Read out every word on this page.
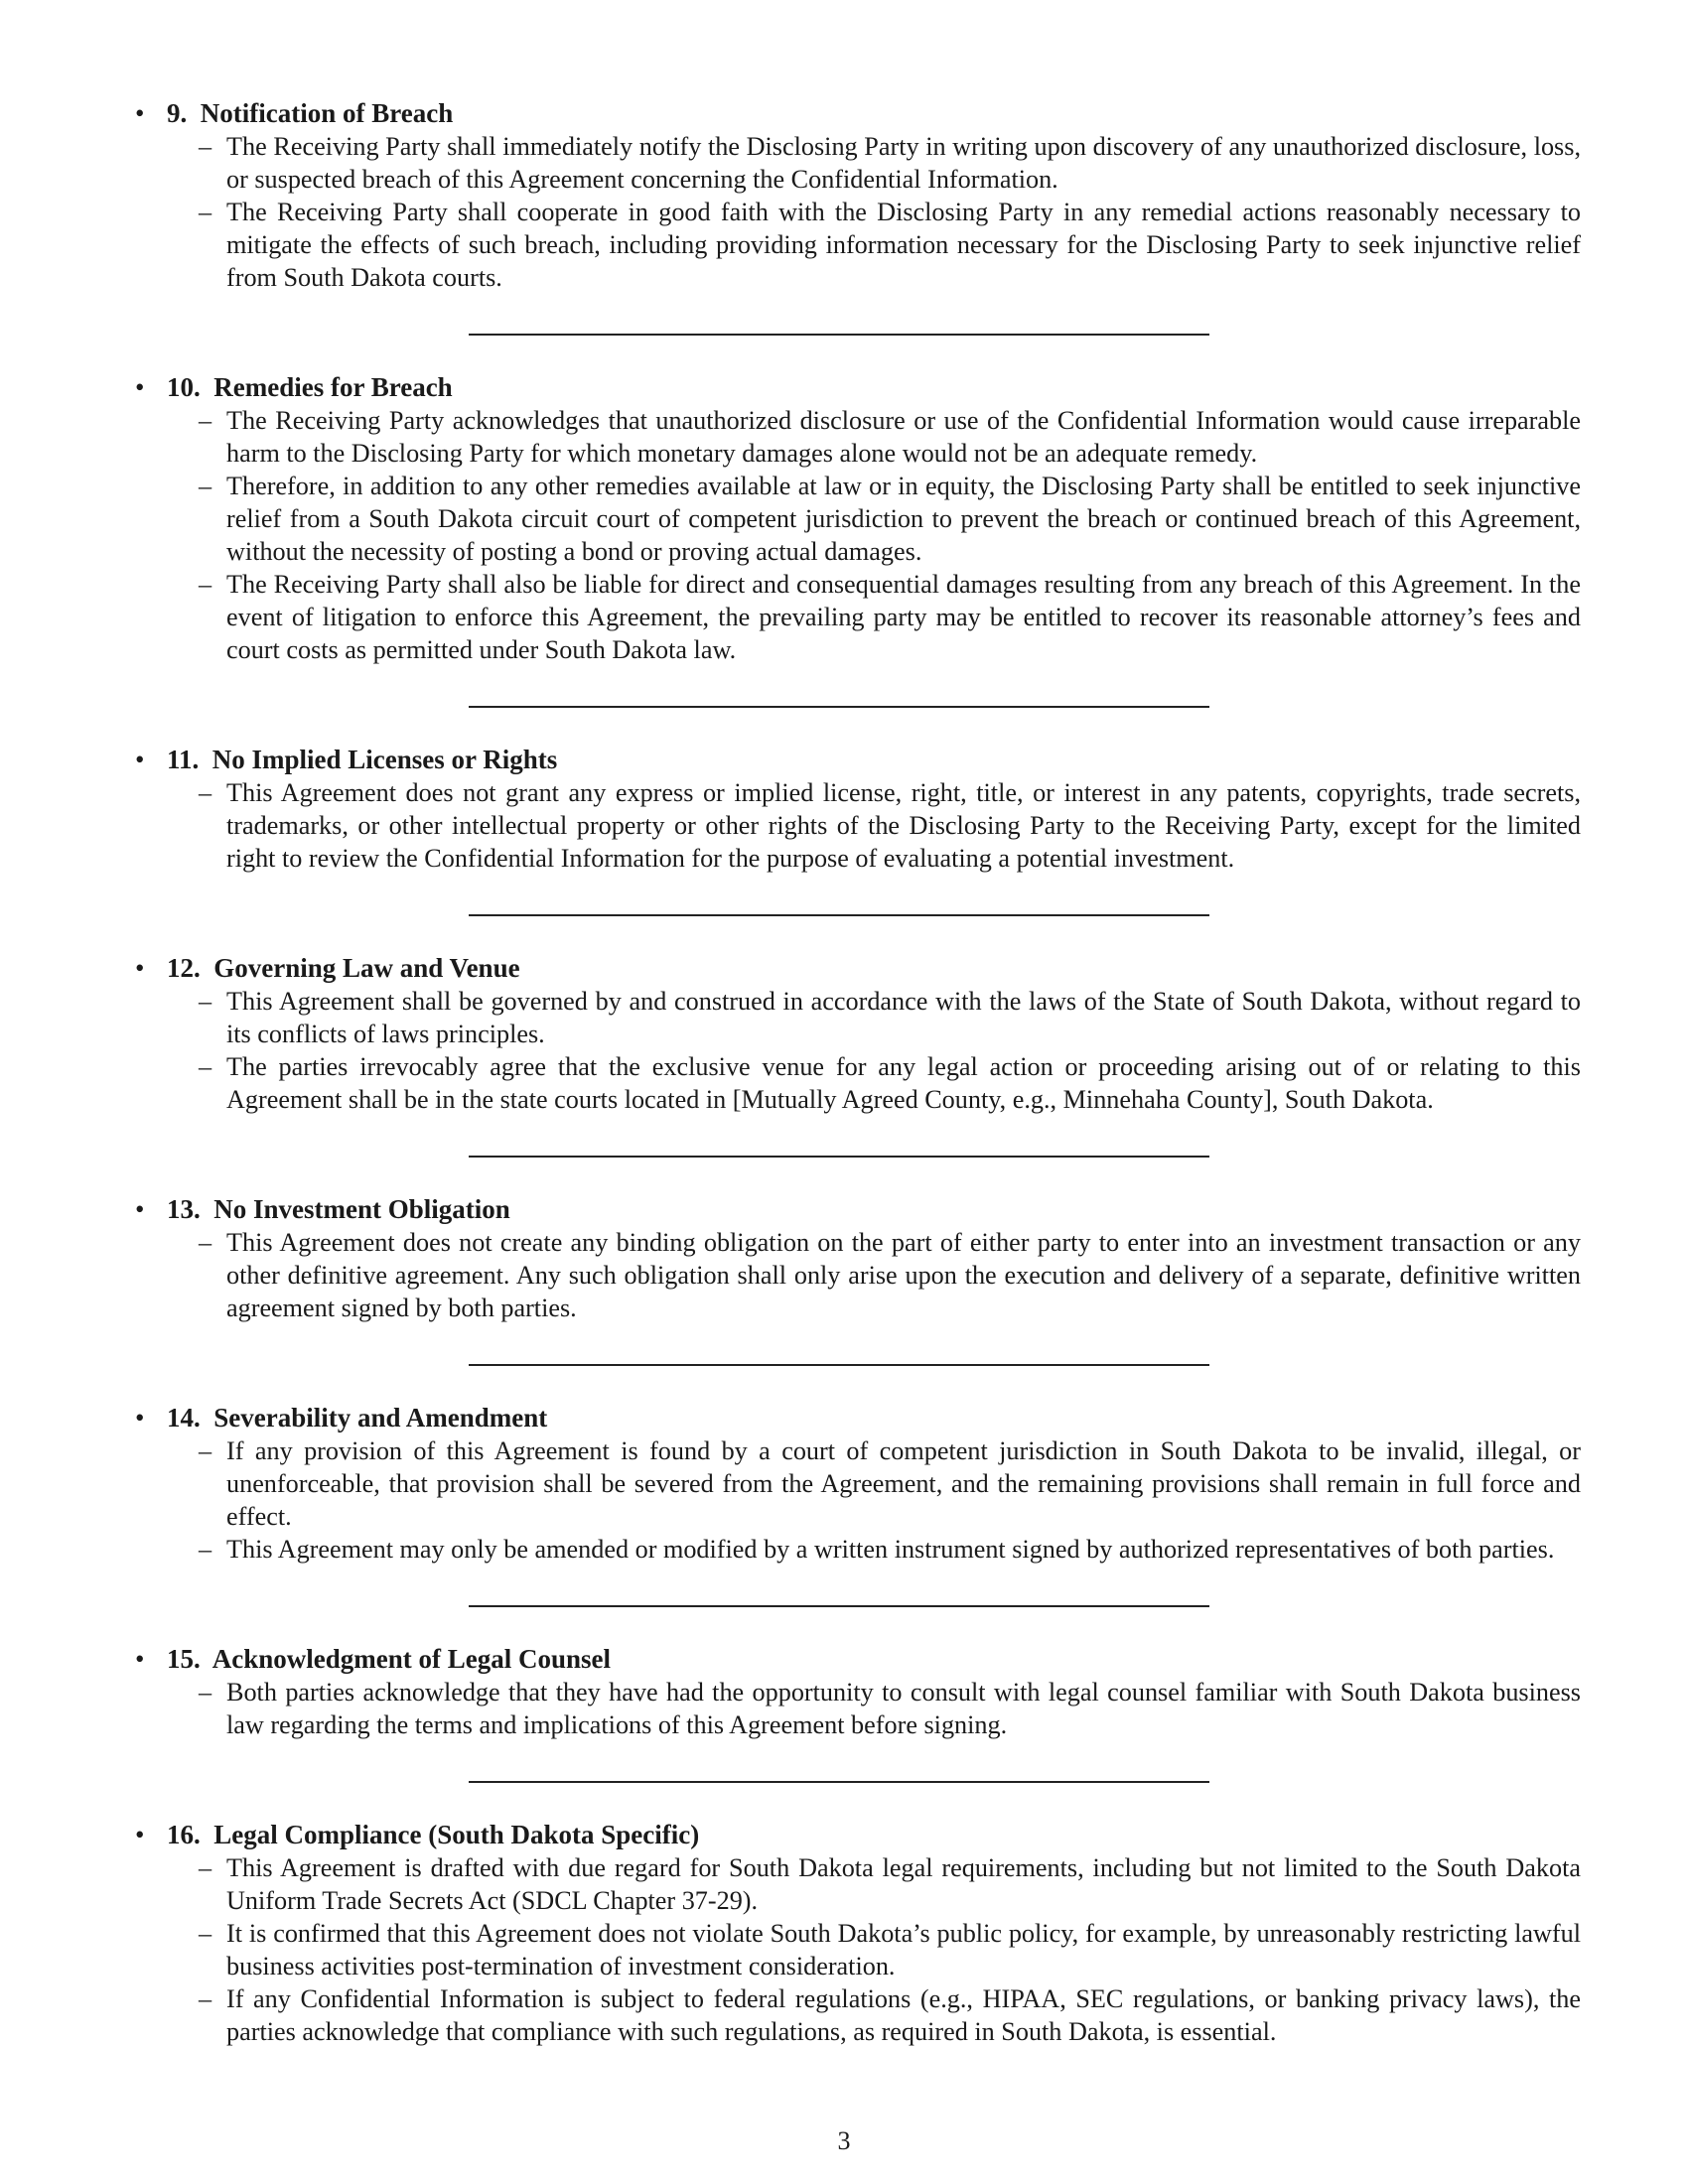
• 9. Notification of Breach
– The Receiving Party shall immediately notify the Disclosing Party in writing upon discovery of any unauthorized disclosure, loss, or suspected breach of this Agreement concerning the Confidential Information.
– The Receiving Party shall cooperate in good faith with the Disclosing Party in any remedial actions reasonably necessary to mitigate the effects of such breach, including providing information necessary for the Disclosing Party to seek injunctive relief from South Dakota courts.
• 10. Remedies for Breach
– The Receiving Party acknowledges that unauthorized disclosure or use of the Confidential Information would cause irreparable harm to the Disclosing Party for which monetary damages alone would not be an adequate remedy.
– Therefore, in addition to any other remedies available at law or in equity, the Disclosing Party shall be entitled to seek injunctive relief from a South Dakota circuit court of competent jurisdiction to prevent the breach or continued breach of this Agreement, without the necessity of posting a bond or proving actual damages.
– The Receiving Party shall also be liable for direct and consequential damages resulting from any breach of this Agreement. In the event of litigation to enforce this Agreement, the prevailing party may be entitled to recover its reasonable attorney’s fees and court costs as permitted under South Dakota law.
• 11. No Implied Licenses or Rights
– This Agreement does not grant any express or implied license, right, title, or interest in any patents, copyrights, trade secrets, trademarks, or other intellectual property or other rights of the Disclosing Party to the Receiving Party, except for the limited right to review the Confidential Information for the purpose of evaluating a potential investment.
• 12. Governing Law and Venue
– This Agreement shall be governed by and construed in accordance with the laws of the State of South Dakota, without regard to its conflicts of laws principles.
– The parties irrevocably agree that the exclusive venue for any legal action or proceeding arising out of or relating to this Agreement shall be in the state courts located in [Mutually Agreed County, e.g., Minnehaha County], South Dakota.
• 13. No Investment Obligation
– This Agreement does not create any binding obligation on the part of either party to enter into an investment transaction or any other definitive agreement. Any such obligation shall only arise upon the execution and delivery of a separate, definitive written agreement signed by both parties.
• 14. Severability and Amendment
– If any provision of this Agreement is found by a court of competent jurisdiction in South Dakota to be invalid, illegal, or unenforceable, that provision shall be severed from the Agreement, and the remaining provisions shall remain in full force and effect.
– This Agreement may only be amended or modified by a written instrument signed by authorized representatives of both parties.
• 15. Acknowledgment of Legal Counsel
– Both parties acknowledge that they have had the opportunity to consult with legal counsel familiar with South Dakota business law regarding the terms and implications of this Agreement before signing.
• 16. Legal Compliance (South Dakota Specific)
– This Agreement is drafted with due regard for South Dakota legal requirements, including but not limited to the South Dakota Uniform Trade Secrets Act (SDCL Chapter 37-29).
– It is confirmed that this Agreement does not violate South Dakota’s public policy, for example, by unreasonably restricting lawful business activities post-termination of investment consideration.
– If any Confidential Information is subject to federal regulations (e.g., HIPAA, SEC regulations, or banking privacy laws), the parties acknowledge that compliance with such regulations, as required in South Dakota, is essential.
3
